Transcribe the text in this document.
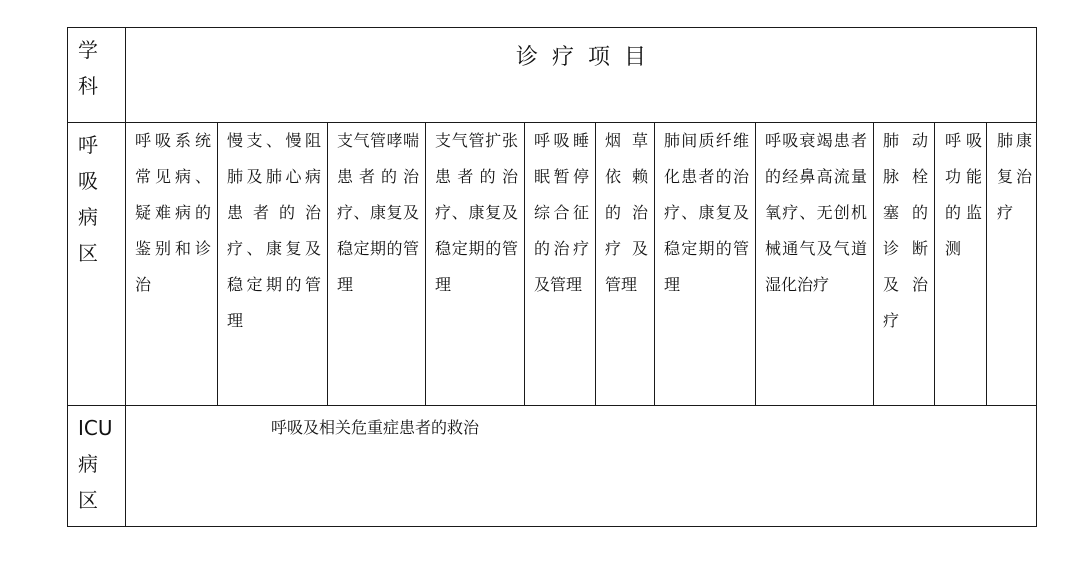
学
科	诊疗项目										

呼
吸
病
区	呼吸系统常见病、疑难病的鉴别和诊治	慢支、慢阻肺及肺心病患者的治疗、康复及稳定期的管理	支气管哮喘患者的治疗、康复及稳定期的管理	支气管扩张患者的治疗、康复及稳定期的管理	呼吸睡眠暂停综合征的治疗及管理	烟草依赖的治疗及管理	肺间质纤维化患者的治疗、康复及稳定期的管理	呼吸衰竭患者的经鼻高流量氧疗、无创机械通气及气道湿化治疗	肺动脉栓塞的诊断及治疗	呼吸功能的监测	肺康复治疗

ICU
病
区	呼吸及相关危重症患者的救治										
